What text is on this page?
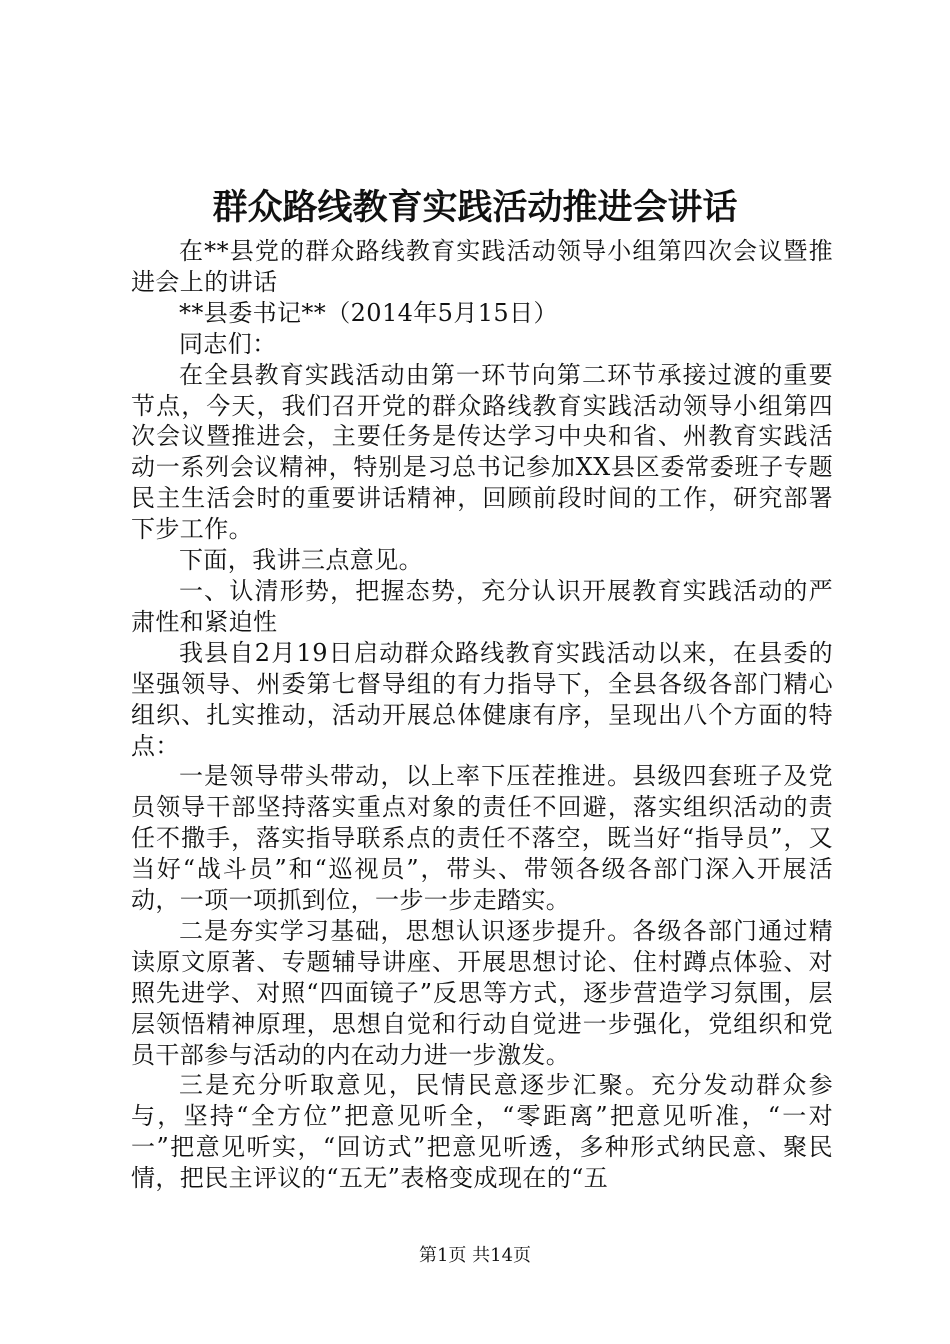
群众路线教育实践活动推进会讲话

在**县党的群众路线教育实践活动领导小组第四次会议暨推进会上的讲话

**县委书记**（2014年5月15日）

同志们：

在全县教育实践活动由第一环节向第二环节承接过渡的重要节点，今天，我们召开党的群众路线教育实践活动领导小组第四次会议暨推进会，主要任务是传达学习中央和省、州教育实践活动一系列会议精神，特别是习总书记参加XX县区委常委班子专题民主生活会时的重要讲话精神，回顾前段时间的工作，研究部署下步工作。

下面，我讲三点意见。

一、认清形势，把握态势，充分认识开展教育实践活动的严肃性和紧迫性

我县自2月19日启动群众路线教育实践活动以来，在县委的坚强领导、州委第七督导组的有力指导下，全县各级各部门精心组织、扎实推动，活动开展总体健康有序，呈现出八个方面的特点：

一是领导带头带动，以上率下压茬推进。县级四套班子及党员领导干部坚持落实重点对象的责任不回避，落实组织活动的责任不撒手，落实指导联系点的责任不落空，既当好“指导员”，又当好“战斗员”和“巡视员”，带头、带领各级各部门深入开展活动，一项一项抓到位，一步一步走踏实。

二是夯实学习基础，思想认识逐步提升。各级各部门通过精读原文原著、专题辅导讲座、开展思想讨论、住村蹲点体验、对照先进学、对照“四面镜子”反思等方式，逐步营造学习氛围，层层领悟精神原理，思想自觉和行动自觉进一步强化，党组织和党员干部参与活动的内在动力进一步激发。

三是充分听取意见，民情民意逐步汇聚。充分发动群众参与，坚持“全方位”把意见听全，“零距离”把意见听准，“一对一”把意见听实，“回访式”把意见听透，多种形式纳民意、聚民情，把民主评议的“五无”表格变成现在的“五

第1页 共14页
